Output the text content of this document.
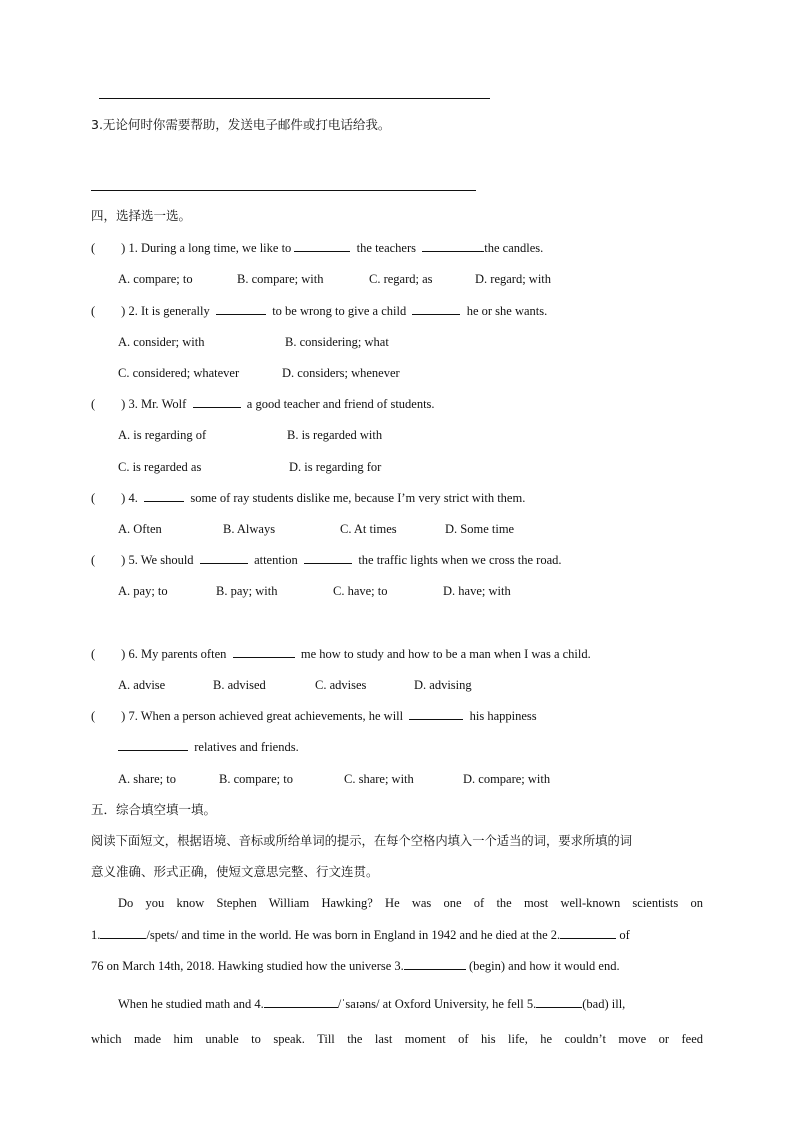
3.无论何时你需要帮助，发送电子邮件或打电话给我。
四，选择选一选。
( ) 1. During a long time, we like to	the teachers	the candles.
A. compare; to	B. compare; with	C. regard; as	D. regard; with
( ) 2. It is generally	to be wrong to give a child	he or she wants.
A. consider; with	B. considering; what
C. considered; whatever	D. considers; whenever
( ) 3. Mr. Wolf	a good teacher and friend of students.
A. is regarding of	B. is regarded with
C. is regarded as	D. is regarding for
( ) 4.	some of ray students dislike me, because I’m very strict with them.
A. Often	B. Always	C. At times	D. Some time
( ) 5. We should	attention	the traffic lights when we cross the road.
A. pay; to	B. pay; with	C. have; to	D. have; with
( ) 6. My parents often	me how to study and how to be a man when I was a child.
A. advise	B. advised	C. advises	D. advising
( ) 7. When a person achieved great achievements, he will	his happiness
relatives and friends.
A. share; to	B. compare; to	C. share; with	D. compare; with
五．综合填空填一填。
阅读下面短文，根据语境、音标或所给单词的提示，在每个空格内填入一个适当的词，要求所填的词
意义准确、形式正确，使短文意思完整、行文连贯。
Do you know Stephen William Hawking? He was one of the most well-known scientists on
1.	/spets/ and time in the world. He was born in England in 1942 and he died at the 2.	of
76 on March 14th, 2018. Hawking studied how the universe 3.	(begin) and how it would end.
When he studied math and 4.	/ˈsaɪəns/ at Oxford University, he fell 5.	(bad) ill,
which made him unable to speak. Till the last moment of his life, he couldn’t move or feed
